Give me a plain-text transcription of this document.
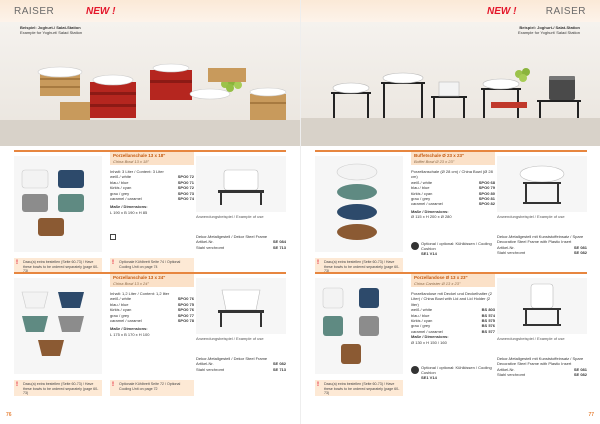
RAISER	NEW !
Beispiel: Joghurt-/ Salat-Station
Example for Yoghurt/ Salad Station
Porzellanschale 13 x 18"
China Bowl 13 x 18"
Inhalt: 3 Liter / Content: 3 Liter
weiß / white	SPO0 72
blau / blue	SPO0 71
türkis / cyan	SPO0 72
grau / grey	SPO0 73
caramel / caramel	SPO0 74
Maße / Dimensions:
L 190 x B 190 x H 85
Anwendungsbeispiel / Example of use
Dekor-Metallgestell / Dekor Steel Frame
Artikel-Nr.	SE 084
Stahl verchromt	SE 713
! Dazu(a) extra bestellen (Seite 60-73) / Have these bowls to be ordered separately (page 60-73)
! Optionale Kühlbrett Seite 74 / Optional Cooling Unit on page 74
Porzellanschale 13 x 24"
China Bowl 13 x 24"
Inhalt: 1,2 Liter / Content: 1,2 liter
weiß / white	SPO0 76
blau / blue	SPO0 75
türkis / cyan	SPO0 76
grau / grey	SPO0 77
caramel / caramel	SPO0 78
Maße / Dimensions:
L 175 x B 170 x H 100
Anwendungsbeispiel / Example of use
Dekor-Metallgestell / Dekor Steel Frame
Artikel-Nr.	SE 082
Stahl verchromt	SE 713
! Dazu(a) extra bestellen (Seite 60-73) / Have these bowls to be ordered separately (page 60-73)
! Optionale Kühlbrett Seite 72 / Optional Cooling Unit on page 72
76
RAISER
NEW !
Beispiel: Joghurt-/ Salat-Station
Example for Yoghurt/ Salad Station
Buffetschale Ø 23 x 23"
Buffet Bowl Ø 23 x 23"
Porzellanschale (Ø 28 cm) / China Bowl (Ø 28 cm)
weiß / white	SPO0 68
blau / blue	SPO0 79
türkis / cyan	SPO0 80
grau / grey	SPO0 81
caramel / caramel	SPO0 82
Maße / Dimensions:
Ø 115 x H 200 x Ø 280
Optional / optional: Kühlkissen / Cooling Cushion
SE1 V14
Anwendungsbeispiel / Example of use
Dekor-Metallgestell mit Kunststoffeinsatz / Spare Decorative Steel Frame with Plastic Insert
Artikel-Nr.	SE 081
Stahl verchromt	SE 082
! Dazu(a) extra bestellen (Seite 60-73) / Have these bowls to be ordered separately (page 60-73)
Porzellandose Ø 13 x 23"
China Canister Ø 13 x 23"
Porzellandose mit Deckel und Deckelhalter (2 Liter) / China Bowl with Lid and Lid Holder (2 liter)
weiß / white	BS 803
blau / blue	BS 574
türkis / cyan	BS 575
grau / grey	BS 576
caramel / caramel	BS 577
Maße / Dimensions:
Ø 130 x H 150 / 160
Optional / optional: Kühlkissen / Cooling Cushion
SE1 V14
Anwendungsbeispiel / Example of use
Dekor-Metallgestell mit Kunststoffeinsatz / Spare Decorative Steel Frame with Plastic Insert
Artikel-Nr.	SE 081
Stahl verchromt	SE 082
! Dazu(a) extra bestellen (Seite 60-73) / Have these bowls to be ordered separately (page 60-73)
77
